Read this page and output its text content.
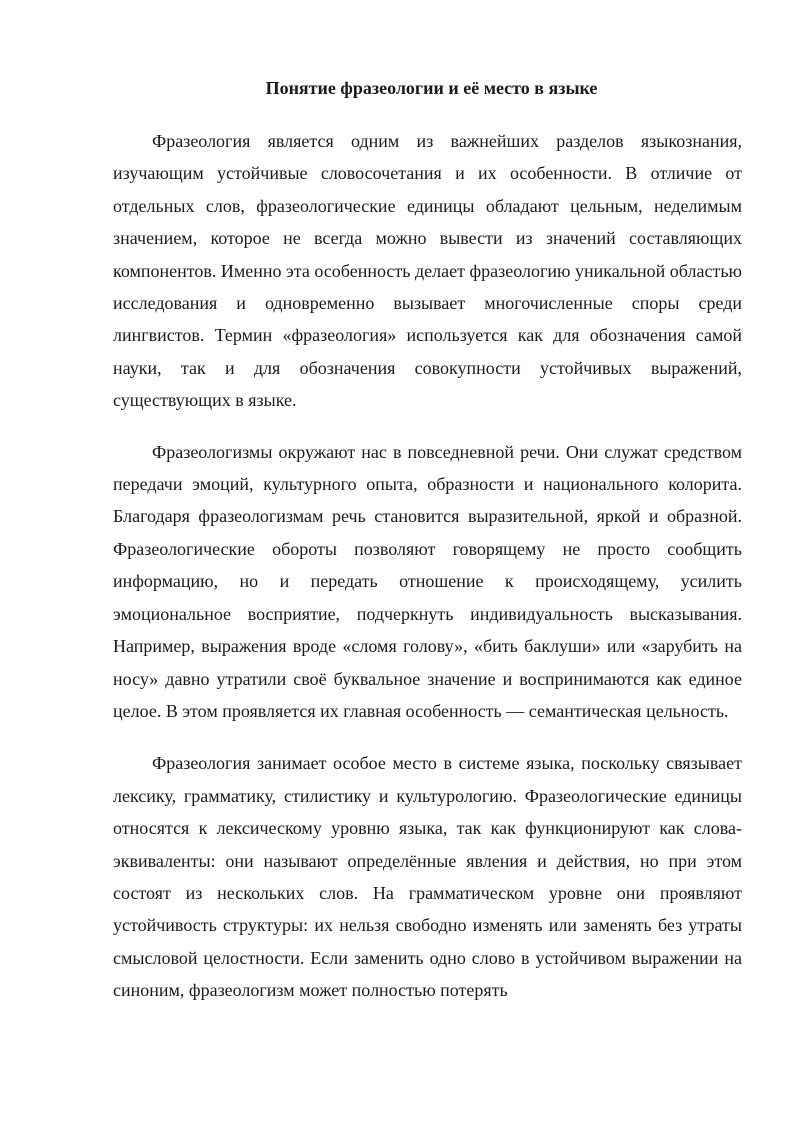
Понятие фразеологии и её место в языке

Фразеология является одним из важнейших разделов языкознания, изучающим устойчивые словосочетания и их особенности. В отличие от отдельных слов, фразеологические единицы обладают цельным, неделимым значением, которое не всегда можно вывести из значений составляющих компонентов. Именно эта особенность делает фразеологию уникальной областью исследования и одновременно вызывает многочисленные споры среди лингвистов. Термин «фразеология» используется как для обозначения самой науки, так и для обозначения совокупности устойчивых выражений, существующих в языке.

Фразеологизмы окружают нас в повседневной речи. Они служат средством передачи эмоций, культурного опыта, образности и национального колорита. Благодаря фразеологизмам речь становится выразительной, яркой и образной. Фразеологические обороты позволяют говорящему не просто сообщить информацию, но и передать отношение к происходящему, усилить эмоциональное восприятие, подчеркнуть индивидуальность высказывания. Например, выражения вроде «сломя голову», «бить баклуши» или «зарубить на носу» давно утратили своё буквальное значение и воспринимаются как единое целое. В этом проявляется их главная особенность — семантическая цельность.

Фразеология занимает особое место в системе языка, поскольку связывает лексику, грамматику, стилистику и культурологию. Фразеологические единицы относятся к лексическому уровню языка, так как функционируют как слова-эквиваленты: они называют определённые явления и действия, но при этом состоят из нескольких слов. На грамматическом уровне они проявляют устойчивость структуры: их нельзя свободно изменять или заменять без утраты смысловой целостности. Если заменить одно слово в устойчивом выражении на синоним, фразеологизм может полностью потерять
